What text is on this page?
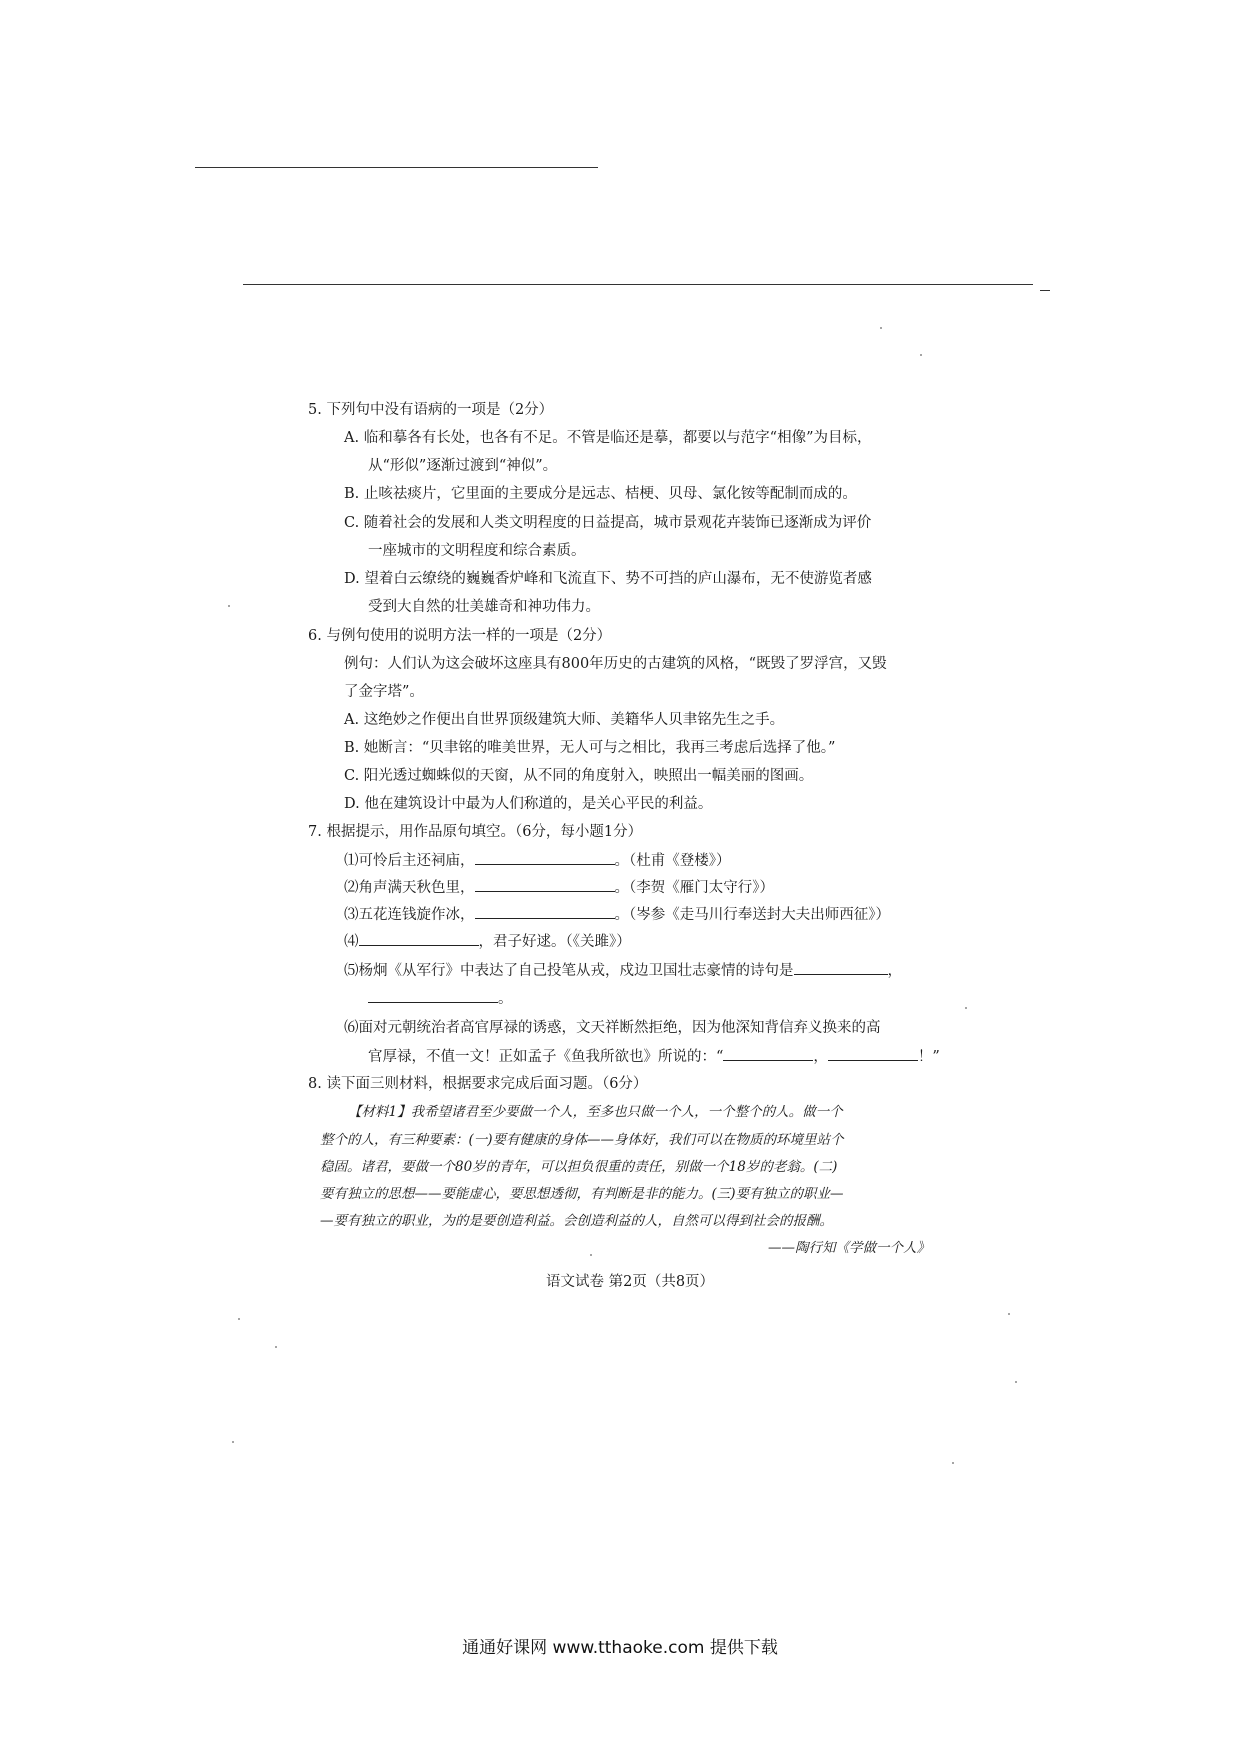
5. 下列句中没有语病的一项是（2分）
A. 临和摹各有长处，也各有不足。不管是临还是摹，都要以与范字“相像”为目标，
从“形似”逐渐过渡到“神似”。
B. 止咳祛痰片，它里面的主要成分是远志、桔梗、贝母、氯化铵等配制而成的。
C. 随着社会的发展和人类文明程度的日益提高，城市景观花卉装饰已逐渐成为评价
一座城市的文明程度和综合素质。
D. 望着白云缭绕的巍巍香炉峰和飞流直下、势不可挡的庐山瀑布，无不使游览者感
受到大自然的壮美雄奇和神功伟力。
6. 与例句使用的说明方法一样的一项是（2分）
例句：人们认为这会破坏这座具有800年历史的古建筑的风格，“既毁了罗浮宫，又毁
了金字塔”。
A. 这绝妙之作便出自世界顶级建筑大师、美籍华人贝聿铭先生之手。
B. 她断言：“贝聿铭的唯美世界，无人可与之相比，我再三考虑后选择了他。”
C. 阳光透过蜘蛛似的天窗，从不同的角度射入，映照出一幅美丽的图画。
D. 他在建筑设计中最为人们称道的，是关心平民的利益。
7. 根据提示，用作品原句填空。（6分，每小题1分）
⑴可怜后主还祠庙，	。（杜甫《登楼》）
⑵角声满天秋色里，	。（李贺《雁门太守行》）
⑶五花连钱旋作冰，	。（岑参《走马川行奉送封大夫出师西征》）
⑷	，君子好逑。（《关雎》）
⑸杨炯《从军行》中表达了自己投笔从戎，戍边卫国壮志豪情的诗句是	，
。
⑹面对元朝统治者高官厚禄的诱惑，文天祥断然拒绝，因为他深知背信弃义换来的高
官厚禄，不值一文！正如孟子《鱼我所欲也》所说的：“	，	！”
8. 读下面三则材料，根据要求完成后面习题。（6分）
【材料1】我希望诸君至少要做一个人，至多也只做一个人，一个整个的人。做一个
整个的人，有三种要素：(一)要有健康的身体——身体好，我们可以在物质的环境里站个
稳固。诸君，要做一个80岁的青年，可以担负很重的责任，别做一个18岁的老翁。(二)
要有独立的思想——要能虚心，要思想透彻，有判断是非的能力。(三)要有独立的职业—
—要有独立的职业，为的是要创造利益。会创造利益的人，自然可以得到社会的报酬。
——陶行知《学做一个人》
语文试卷 第2页（共8页）
通通好课网 www.tthaoke.com 提供下载
